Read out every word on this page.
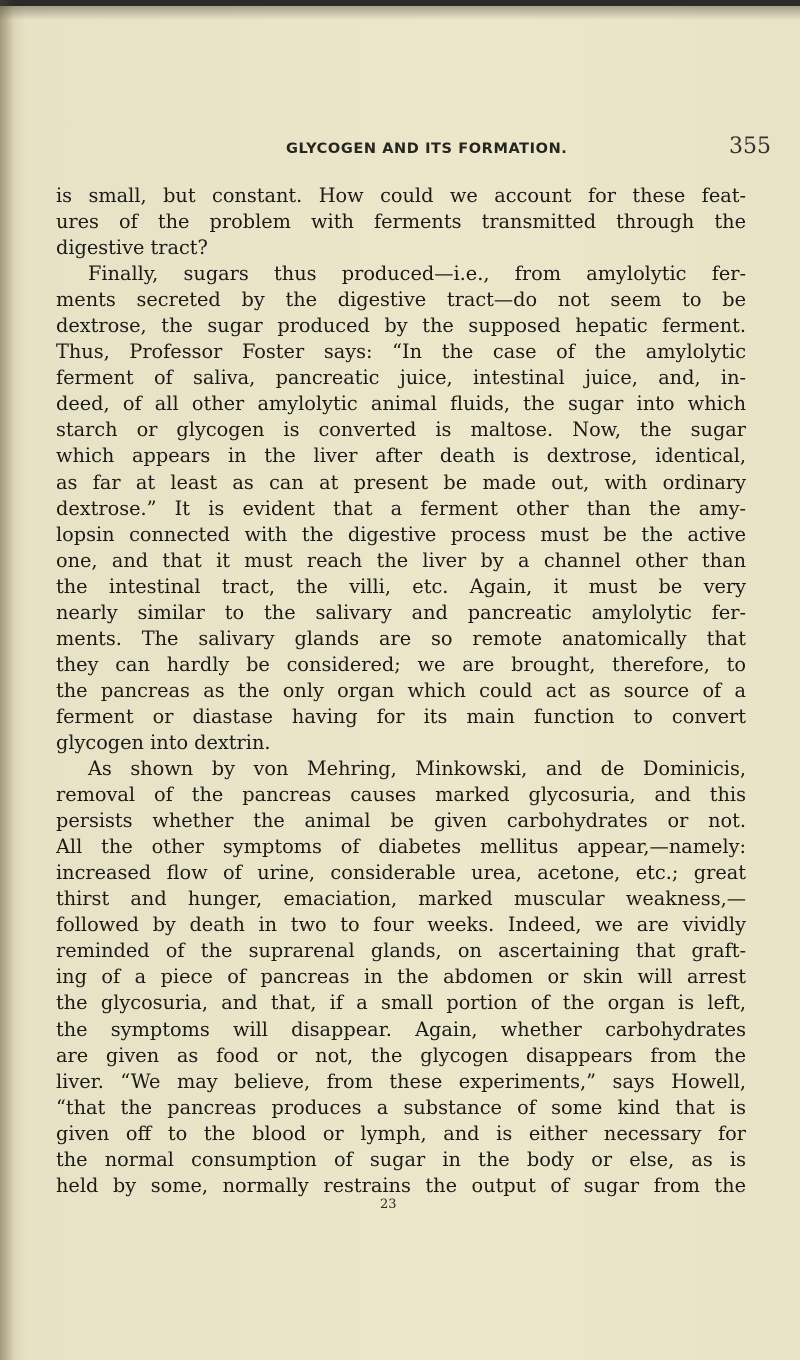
GLYCOGEN AND ITS FORMATION.	355
is small, but constant. How could we account for these feat-
ures of the problem with ferments transmitted through the
digestive tract?
Finally, sugars thus produced—i.e., from amylolytic fer-
ments secreted by the digestive tract—do not seem to be
dextrose, the sugar produced by the supposed hepatic ferment.
Thus, Professor Foster says: “In the case of the amylolytic
ferment of saliva, pancreatic juice, intestinal juice, and, in-
deed, of all other amylolytic animal fluids, the sugar into which
starch or glycogen is converted is maltose. Now, the sugar
which appears in the liver after death is dextrose, identical,
as far at least as can at present be made out, with ordinary
dextrose.” It is evident that a ferment other than the amy-
lopsin connected with the digestive process must be the active
one, and that it must reach the liver by a channel other than
the intestinal tract, the villi, etc. Again, it must be very
nearly similar to the salivary and pancreatic amylolytic fer-
ments. The salivary glands are so remote anatomically that
they can hardly be considered; we are brought, therefore, to
the pancreas as the only organ which could act as source of a
ferment or diastase having for its main function to convert
glycogen into dextrin.
As shown by von Mehring, Minkowski, and de Dominicis,
removal of the pancreas causes marked glycosuria, and this
persists whether the animal be given carbohydrates or not.
All the other symptoms of diabetes mellitus appear,—namely:
increased flow of urine, considerable urea, acetone, etc.; great
thirst and hunger, emaciation, marked muscular weakness,—
followed by death in two to four weeks. Indeed, we are vividly
reminded of the suprarenal glands, on ascertaining that graft-
ing of a piece of pancreas in the abdomen or skin will arrest
the glycosuria, and that, if a small portion of the organ is left,
the symptoms will disappear. Again, whether carbohydrates
are given as food or not, the glycogen disappears from the
liver. “We may believe, from these experiments,” says Howell,
“that the pancreas produces a substance of some kind that is
given off to the blood or lymph, and is either necessary for
the normal consumption of sugar in the body or else, as is
held by some, normally restrains the output of sugar from the
23
